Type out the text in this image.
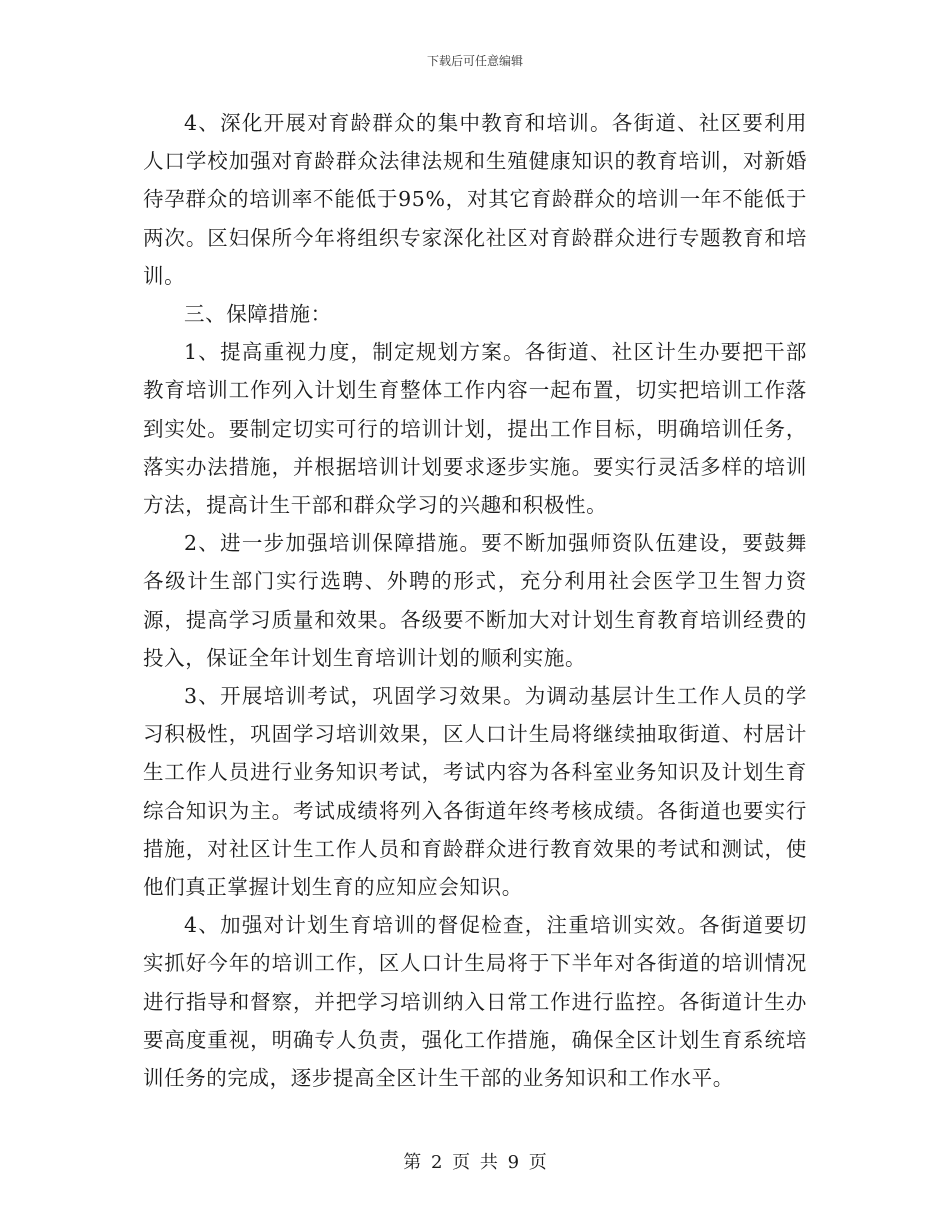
下载后可任意编辑

4、深化开展对育龄群众的集中教育和培训。各街道、社区要利用人口学校加强对育龄群众法律法规和生殖健康知识的教育培训，对新婚待孕群众的培训率不能低于95%，对其它育龄群众的培训一年不能低于两次。区妇保所今年将组织专家深化社区对育龄群众进行专题教育和培训。

三、保障措施：

1、提高重视力度，制定规划方案。各街道、社区计生办要把干部教育培训工作列入计划生育整体工作内容一起布置，切实把培训工作落到实处。要制定切实可行的培训计划，提出工作目标，明确培训任务，落实办法措施，并根据培训计划要求逐步实施。要实行灵活多样的培训方法，提高计生干部和群众学习的兴趣和积极性。

2、进一步加强培训保障措施。要不断加强师资队伍建设，要鼓舞各级计生部门实行选聘、外聘的形式，充分利用社会医学卫生智力资源，提高学习质量和效果。各级要不断加大对计划生育教育培训经费的投入，保证全年计划生育培训计划的顺利实施。

3、开展培训考试，巩固学习效果。为调动基层计生工作人员的学习积极性，巩固学习培训效果，区人口计生局将继续抽取街道、村居计生工作人员进行业务知识考试，考试内容为各科室业务知识及计划生育综合知识为主。考试成绩将列入各街道年终考核成绩。各街道也要实行措施，对社区计生工作人员和育龄群众进行教育效果的考试和测试，使他们真正掌握计划生育的应知应会知识。

4、加强对计划生育培训的督促检查，注重培训实效。各街道要切实抓好今年的培训工作，区人口计生局将于下半年对各街道的培训情况进行指导和督察，并把学习培训纳入日常工作进行监控。各街道计生办要高度重视，明确专人负责，强化工作措施，确保全区计划生育系统培训任务的完成，逐步提高全区计生干部的业务知识和工作水平。

第 2 页 共 9 页
